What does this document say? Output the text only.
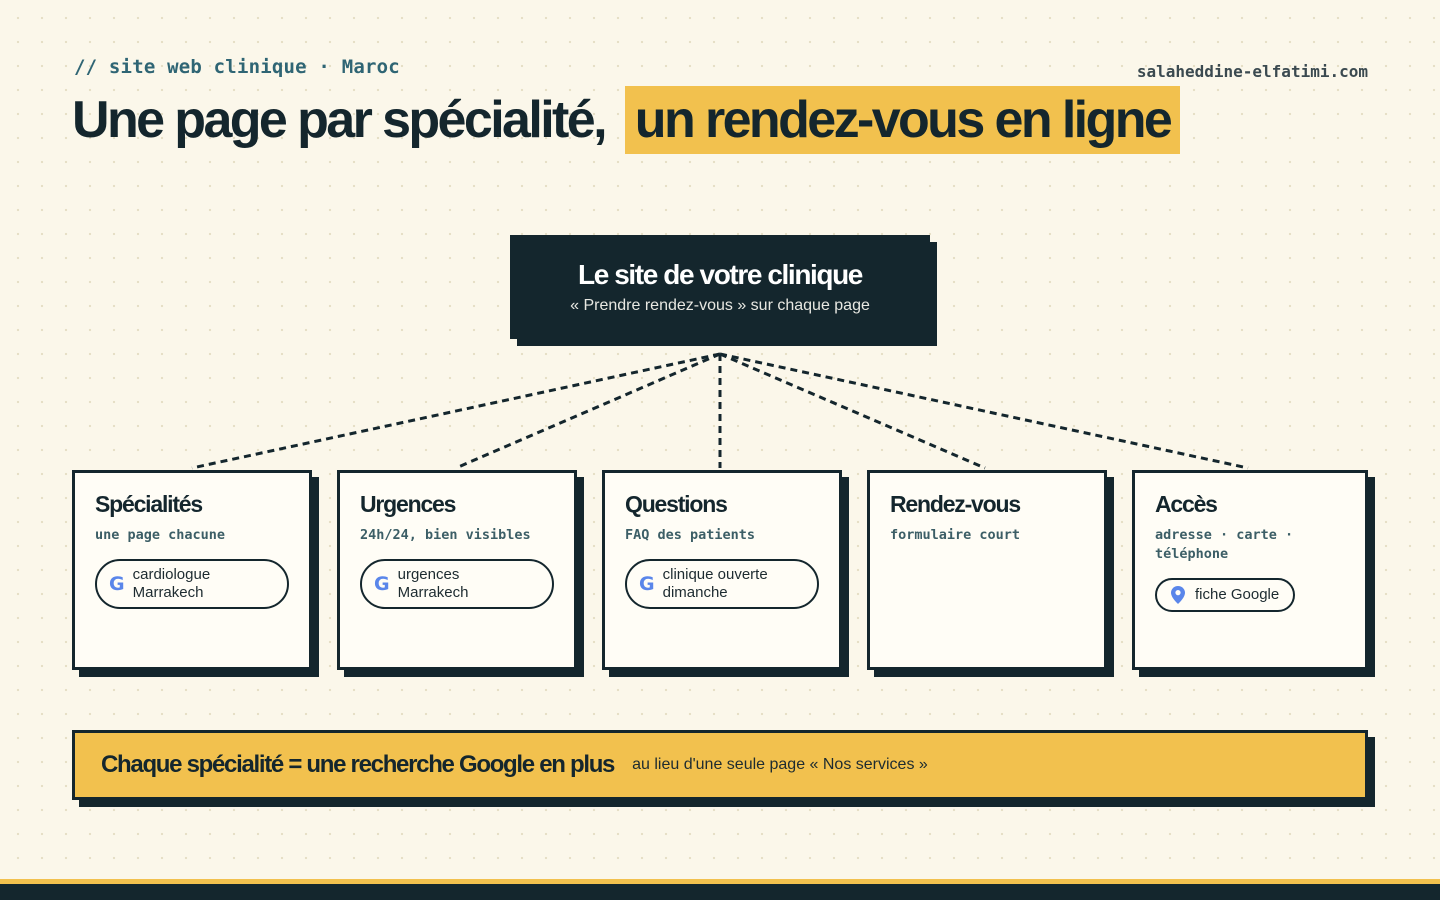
// site web clinique · Maroc	salaheddine-elfatimi.com
Une page par spécialité, un rendez-vous en ligne
Le site de votre clinique
« Prendre rendez-vous » sur chaque page
Spécialités
une page chacune
G cardiologue
Marrakech
Urgences
24h/24, bien visibles
G urgences
Marrakech
Questions
FAQ des patients
G clinique ouverte
dimanche
Rendez-vous
formulaire court
Accès
adresse · carte ·
téléphone
fiche Google
Chaque spécialité = une recherche Google en plus au lieu d'une seule page « Nos services »
